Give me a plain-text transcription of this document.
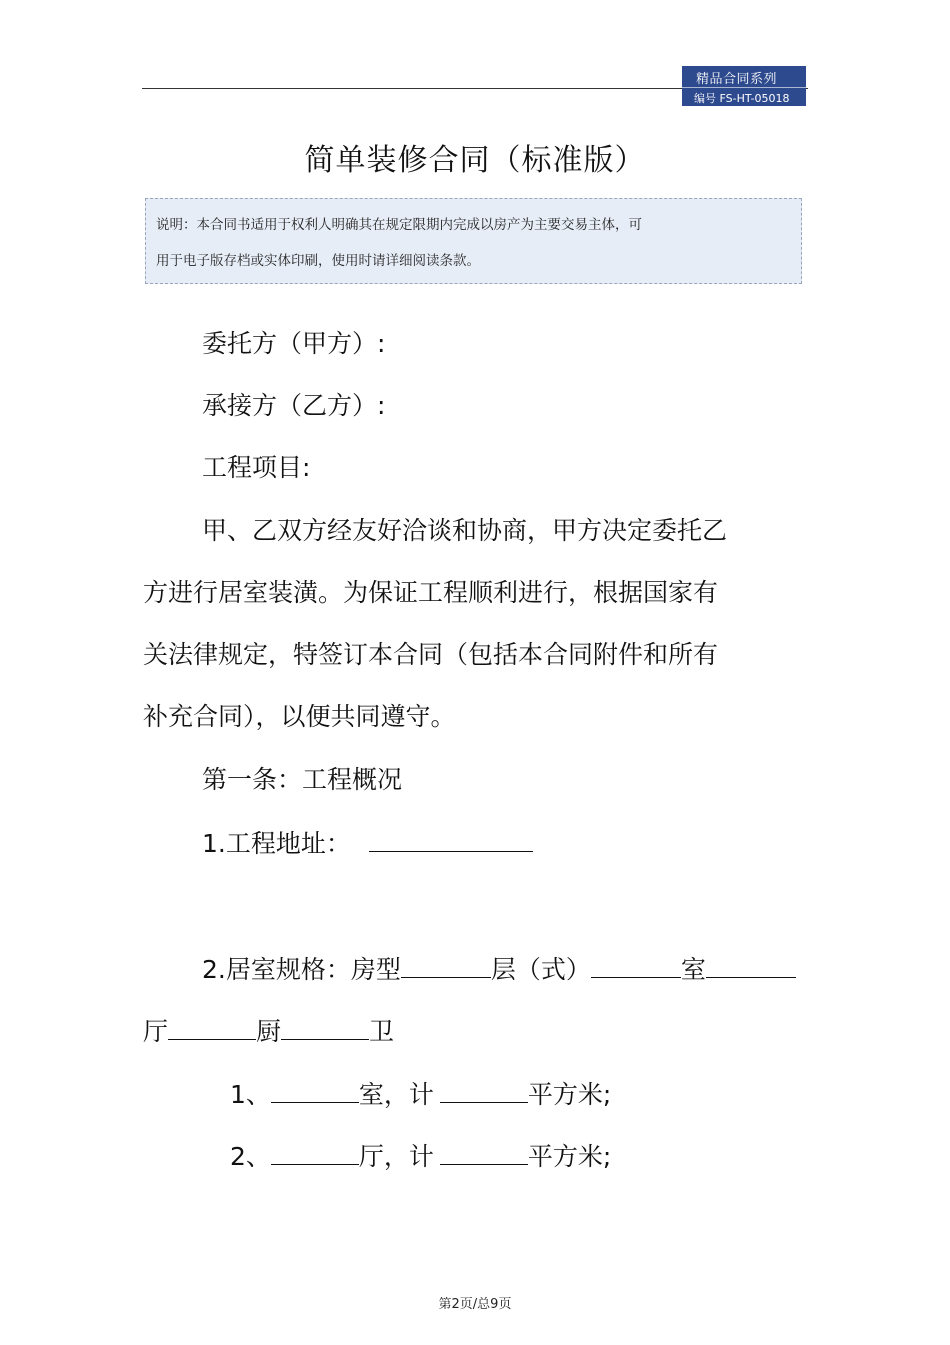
精品合同系列
编号 FS-HT-05018
简单装修合同（标准版）
说明：本合同书适用于权利人明确其在规定限期内完成以房产为主要交易主体，可
用于电子版存档或实体印刷，使用时请详细阅读条款。
委托方（甲方）:
承接方（乙方）:
工程项目:
甲、乙双方经友好洽谈和协商，甲方决定委托乙
方进行居室装潢。为保证工程顺利进行，根据国家有
关法律规定，特签订本合同（包括本合同附件和所有
补充合同），以便共同遵守。
第一条：工程概况
1.工程地址：
2.居室规格：房型	层（式）	室
厅	厨	卫
1、	室，计	平方米;
2、	厅，计	平方米;
第2页/总9页
